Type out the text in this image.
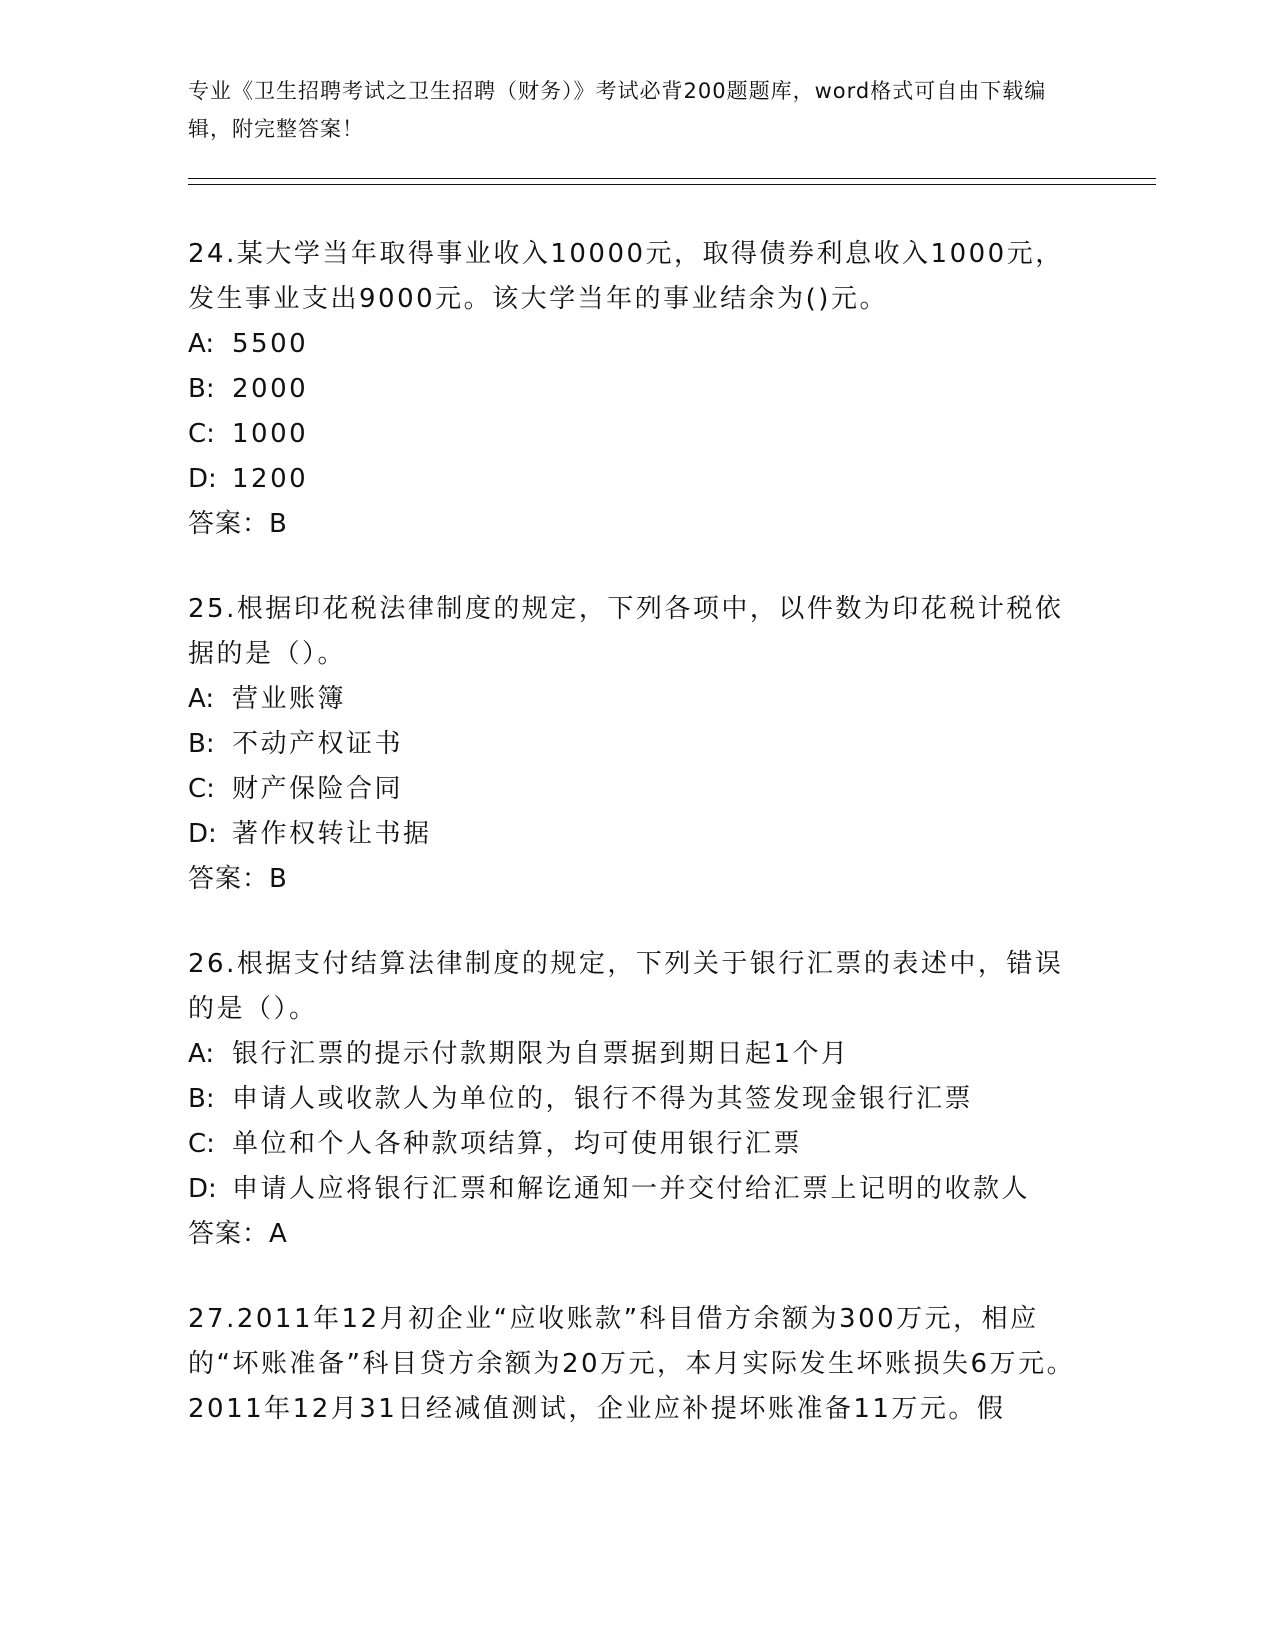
专业《卫生招聘考试之卫生招聘（财务）》考试必背200题题库，word格式可自由下载编辑，附完整答案！
24.某大学当年取得事业收入10000元，取得债券利息收入1000元，发生事业支出9000元。该大学当年的事业结余为()元。
A: 5500
B: 2000
C: 1000
D: 1200
答案：B
25.根据印花税法律制度的规定，下列各项中，以件数为印花税计税依据的是（）。
A: 营业账簿
B: 不动产权证书
C: 财产保险合同
D: 著作权转让书据
答案：B
26.根据支付结算法律制度的规定，下列关于银行汇票的表述中，错误的是（）。
A: 银行汇票的提示付款期限为自票据到期日起1个月
B: 申请人或收款人为单位的，银行不得为其签发现金银行汇票
C: 单位和个人各种款项结算，均可使用银行汇票
D: 申请人应将银行汇票和解讫通知一并交付给汇票上记明的收款人
答案：A
27.2011年12月初企业“应收账款”科目借方余额为300万元，相应的“坏账准备”科目贷方余额为20万元，本月实际发生坏账损失6万元。2011年12月31日经减值测试，企业应补提坏账准备11万元。假
